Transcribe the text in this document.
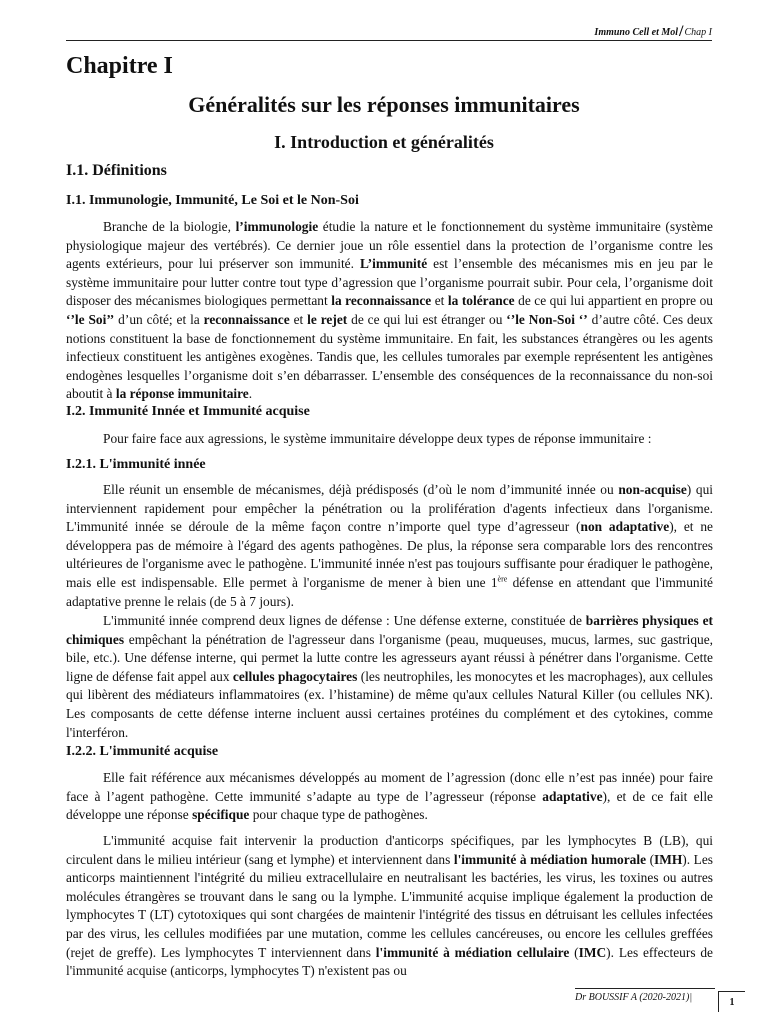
Immuno Cell et Mol/Chap I
Chapitre I
Généralités sur les réponses immunitaires
I. Introduction et généralités
I.1. Définitions
I.1. Immunologie, Immunité, Le Soi et le Non-Soi

Branche de la biologie, l’immunologie étudie la nature et le fonctionnement du système immunitaire (système physiologique majeur des vertébrés). Ce dernier joue un rôle essentiel dans la protection de l’organisme contre les agents extérieurs, pour lui préserver son immunité. L’immunité est l’ensemble des mécanismes mis en jeu par le système immunitaire pour lutter contre tout type d’agression que l’organisme pourrait subir. Pour cela, l’organisme doit disposer des mécanismes biologiques permettant la reconnaissance et la tolérance de ce qui lui appartient en propre ou ‘’le Soi’’ d’un côté; et la reconnaissance et le rejet de ce qui lui est étranger ou ‘’le Non-Soi ‘’ d’autre côté. Ces deux notions constituent la base de fonctionnement du système immunitaire. En fait, les substances étrangères ou les agents infectieux constituent les antigènes exogènes. Tandis que, les cellules tumorales par exemple représentent les antigènes endogènes lesquelles l’organisme doit s’en débarrasser. L’ensemble des conséquences de la reconnaissance du non-soi aboutit à la réponse immunitaire.

I.2. Immunité Innée et Immunité acquise

Pour faire face aux agressions, le système immunitaire développe deux types de réponse immunitaire :

I.2.1. L'immunité innée

Elle réunit un ensemble de mécanismes, déjà prédisposés (d’où le nom d’immunité innée ou non-acquise) qui interviennent rapidement pour empêcher la pénétration ou la prolifération d'agents infectieux dans l'organisme. L'immunité innée se déroule de la même façon contre n’importe quel type d’agresseur (non adaptative), et ne développera pas de mémoire à l'égard des agents pathogènes. De plus, la réponse sera comparable lors des rencontres ultérieures de l'organisme avec le pathogène. L'immunité innée n'est pas toujours suffisante pour éradiquer le pathogène, mais elle est indispensable. Elle permet à l'organisme de mener à bien une 1ère défense en attendant que l'immunité adaptative prenne le relais (de 5 à 7 jours).

L'immunité innée comprend deux lignes de défense : Une défense externe, constituée de barrières physiques et chimiques empêchant la pénétration de l'agresseur dans l'organisme (peau, muqueuses, mucus, larmes, suc gastrique, bile, etc.). Une défense interne, qui permet la lutte contre les agresseurs ayant réussi à pénétrer dans l'organisme. Cette ligne de défense fait appel aux cellules phagocytaires (les neutrophiles, les monocytes et les macrophages), aux cellules qui libèrent des médiateurs inflammatoires (ex. l’histamine) de même qu'aux cellules Natural Killer (ou cellules NK). Les composants de cette défense interne incluent aussi certaines protéines du complément et des cytokines, comme l'interféron.

I.2.2. L'immunité acquise

Elle fait référence aux mécanismes développés au moment de l’agression (donc elle n’est pas innée) pour faire face à l’agent pathogène. Cette immunité s’adapte au type de l’agresseur (réponse adaptative), et de ce fait elle développe une réponse spécifique pour chaque type de pathogènes.

L'immunité acquise fait intervenir la production d'anticorps spécifiques, par les lymphocytes B (LB), qui circulent dans le milieu intérieur (sang et lymphe) et interviennent dans l'immunité à médiation humorale (IMH). Les anticorps maintiennent l'intégrité du milieu extracellulaire en neutralisant les bactéries, les virus, les toxines ou autres molécules étrangères se trouvant dans le sang ou la lymphe. L'immunité acquise implique également la production de lymphocytes T (LT) cytotoxiques qui sont chargées de maintenir l'intégrité des tissus en détruisant les cellules infectées par des virus, les cellules modifiées par une mutation, comme les cellules cancéreuses, ou encore les cellules greffées (rejet de greffe). Les lymphocytes T interviennent dans l'immunité à médiation cellulaire (IMC). Les effecteurs de l'immunité acquise (anticorps, lymphocytes T) n'existent pas ou

Dr BOUSSIF A (2020-2021)|	1
